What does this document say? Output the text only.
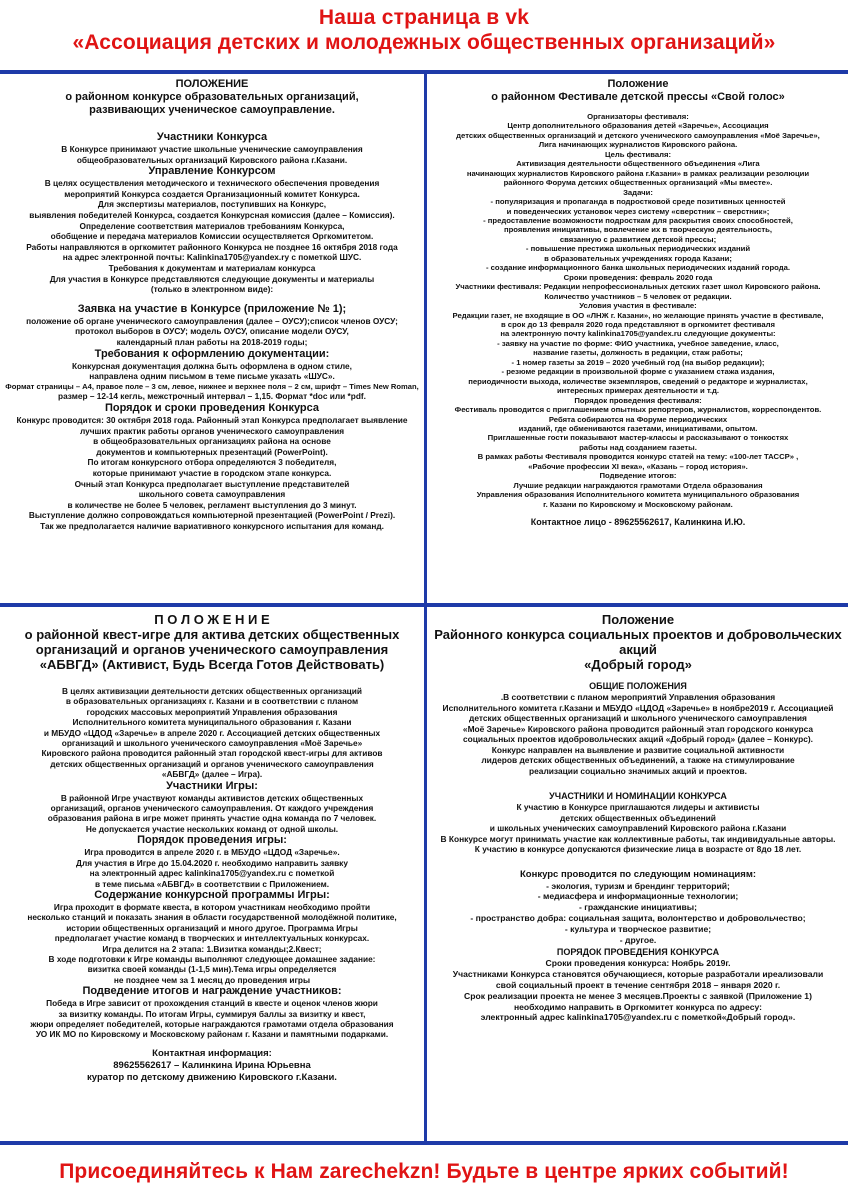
Наша страница в vk
«Ассоциация детских и молодежных общественных организаций»

ПОЛОЖЕНИЕ

о районном конкурсе образовательных организаций,

развивающих ученическое самоуправление.

Участники Конкурса

В Конкурсе принимают участие школьные ученические самоуправления

общеобразовательных организаций Кировского района г.Казани.

Управление Конкурсом

В целях осуществления методического и технического обеспечения проведения

мероприятий Конкурса создается Организационный комитет Конкурса.

Для экспертизы материалов, поступивших на Конкурс,

выявления победителей Конкурса, создается Конкурсная комиссия (далее – Комиссия).

Определение соответствия материалов требованиям Конкурса,

обобщение и передача материалов Комиссии осуществляется Оргкомитетом.

Работы направляются в оргкомитет районного Конкурса не позднее 16 октября 2018 года

на адрес электронной почты: Kalinkina1705@yandex.ry с пометкой ШУС.

Требования к документам и материалам конкурса

Для участия в Конкурсе представляются следующие документы и материалы

(только в электронном виде):

Заявка на участие в Конкурсе (приложение № 1);

положение об органе ученического самоуправления (далее – ОУСУ);список членов ОУСУ;

протокол выборов в ОУСУ; модель ОУСУ, описание модели ОУСУ,

календарный план работы на 2018-2019 годы;

Требования к оформлению документации:

Конкурсная документация должна быть оформлена в одном стиле,

направлена одним письмом в теме письме указать «ШУС».

Формат страницы – А4, правое поле – 3 см, левое, нижнее и верхнее поля – 2 см, шрифт – Times New Roman,

размер – 12-14 кегль, межстрочный интервал – 1,15. Формат *doc или *pdf.

Порядок и сроки проведения Конкурса

Конкурс проводится: 30 октября 2018 года. Районный этап Конкурса предполагает выявление

лучших практик работы органов ученического самоуправления

в общеобразовательных организациях района на основе

документов и компьютерных презентаций (PowerPoint).

По итогам конкурсного отбора определяются 3 победителя,

которые принимают участие в городском этапе конкурса.

Очный этап Конкурса предполагает выступление представителей

школьного совета самоуправления

в количестве не более 5 человек, регламент выступления до 3 минут.

Выступление должно сопровождаться компьютерной презентацией (PowerPoint / Prezi).

Так же предполагается наличие вариативного конкурсного испытания для команд.

Положение

о районном Фестивале детской прессы «Свой голос»

Организаторы фестиваля:

Центр дополнительного образования детей «Заречье», Ассоциация

детских общественных организаций и детского ученического самоуправления «Моё Заречье»,

Лига начинающих журналистов Кировского района.

Цель фестиваля:

Активизация деятельности общественного объединения «Лига

начинающих журналистов Кировского района г.Казани» в рамках реализации резолюции

районного Форума детских общественных организаций «Мы вместе».

Задачи:

- популяризация и пропаганда в подростковой среде позитивных ценностей

и поведенческих установок через систему «сверстник – сверстник»;

- предоставление возможности подросткам для раскрытия своих способностей,

проявления инициативы, вовлечение их в творческую деятельность,

связанную с развитием детской прессы;

- повышение престижа школьных периодических изданий

в образовательных учреждениях города Казани;

- создание информационного банка школьных периодических изданий города.

Сроки проведения: февраль 2020 года

Участники фестиваля: Редакции непрофессиональных детских газет школ Кировского района.

Количество участников – 5 человек от редакции.

Условия участия в фестивале:

Редакции газет, не входящие в ОО «ЛНЖ г. Казани», но желающие принять участие в фестивале,

в срок до 13 февраля 2020 года представляют в оргкомитет фестиваля

на электронную почту kalinkina1705@yandex.ru следующие документы:

- заявку на участие по форме: ФИО участника, учебное заведение, класс,

название газеты, должность в редакции, стаж работы;

- 1 номер газеты за 2019 – 2020 учебный год (на выбор редакции);

- резюме редакции в произвольной форме с указанием стажа издания,

периодичности выхода, количестве экземпляров, сведений о редакторе и журналистах,

интересных примерах деятельности и т.д.

Порядок проведения фестиваля:

Фестиваль проводится с приглашением опытных репортеров, журналистов, корреспондентов.

Ребята собираются на Форуме периодических

изданий, где обмениваются газетами, инициативами, опытом.

Приглашенные гости показывают мастер-классы и рассказывают о тонкостях

работы над созданием газеты.

В рамках работы Фестиваля проводится конкурс статей на тему: «100-лет ТАССР» ,

«Рабочие профессии XI века», «Казань – город история».

Подведение итогов:

Лучшие редакции награждаются грамотами Отдела образования

Управления образования Исполнительного комитета муниципального образования

г. Казани по Кировскому и Московскому районам.

Контактное лицо - 89625562617, Калинкина И.Ю.

П О Л О Ж Е Н И Е

о районной квест-игре для актива детских общественных

организаций и органов ученического самоуправления

«АБВГД» (Активист, Будь Всегда Готов Действовать)

В целях активизации деятельности детских общественных организаций

в образовательных организациях г. Казани и в соответствии с планом

городских массовых мероприятий Управления образования

Исполнительного комитета муниципального образования г. Казани

и МБУДО «ЦДОД «Заречье» в апреле 2020 г. Ассоциацией детских общественных

организаций и школьного ученического самоуправления «Моё Заречье»

Кировского района проводится районный этап городской квест-игры для активов

детских общественных организаций и органов ученического самоуправления

«АБВГД» (далее – Игра).

Участники Игры:

В районной Игре участвуют команды активистов детских общественных

организаций, органов ученического самоуправления. От каждого учреждения

образования района в игре может принять участие одна команда по 7 человек.

Не допускается участие нескольких команд от одной школы.

Порядок проведения игры:

Игра проводится в апреле 2020 г. в МБУДО «ЦДОД «Заречье».

Для участия в Игре до 15.04.2020 г. необходимо направить заявку

на электронный адрес kalinkina1705@yandex.ru с пометкой

в теме письма «АБВГД» в соответствии с Приложением.

Содержание конкурсной программы Игры:

Игра проходит в формате квеста, в котором участникам необходимо пройти

несколько станций и показать знания в области государственной молодёжной политике,

истории общественных организаций и много другое. Программа Игры

предполагает участие команд в творческих и интеллектуальных конкурсах.

Игра делится на 2 этапа: 1.Визитка команды;2.Квест;

В ходе подготовки к Игре команды выполняют следующее домашнее задание:

визитка своей команды (1-1,5 мин).Тема игры определяется

не позднее чем за 1 месяц до проведения игры

Подведение итогов и награждение участников:

Победа в Игре зависит от прохождения станций в квесте и оценок членов жюри

за визитку команды. По итогам Игры, суммируя баллы за визитку и квест,

жюри определяет победителей, которые награждаются грамотами отдела образования

УО ИК МО по Кировскому и Московскому районам г. Казани и памятными подарками.

Контактная информация:

89625562617 – Калинкина Ирина Юрьевна

куратор по детскому движению Кировского г.Казани.

Положение

Районного конкурса социальных проектов и добровольческих акций

«Добрый город»

ОБЩИЕ ПОЛОЖЕНИЯ

.В соответствии с планом мероприятий Управления образования

Исполнительного комитета г.Казани и МБУДО «ЦДОД «Заречье» в ноябре2019 г. Ассоциацией

детских общественных организаций и школьного ученического самоуправления

«Моё Заречье» Кировского района проводится районный этап городского конкурса

социальных проектов идобровольческих акций «Добрый город» (далее – Конкурс).

Конкурс направлен на выявление и развитие социальной активности

лидеров детских общественных объединений, а также на стимулирование

реализации социально значимых акций и проектов.

УЧАСТНИКИ И НОМИНАЦИИ КОНКУРСА

К участию в Конкурсе приглашаются лидеры и активисты

детских общественных объединений

и школьных ученических самоуправлений Кировского района г.Казани

В Конкурсе могут принимать участие как коллективные работы, так индивидуальные авторы.

К участию в конкурсе допускаются физические лица в возрасте от 8до 18 лет.

Конкурс проводится по следующим номинациям:

- экология, туризм и брендинг территорий;

- медиасфера и информационные технологии;

- гражданские инициативы;

- пространство добра: социальная защита, волонтерство и добровольчество;

- культура и творческое развитие;

- другое.

ПОРЯДОК ПРОВЕДЕНИЯ КОНКУРСА

Сроки проведения конкурса: Ноябрь 2019г.

Участниками Конкурса становятся обучающиеся, которые разработали иреализовали

свой социальный проект в течение сентября 2018 – января 2020 г.

Срок реализации проекта не менее 3 месяцев.Проекты с заявкой (Приложение 1)

необходимо направить в Оргкомитет конкурса по адресу:

электронный адрес kalinkina1705@yandex.ru с пометкой«Добрый город».

Присоединяйтесь к Нам zarechekzn! Будьте в центре ярких событий!
